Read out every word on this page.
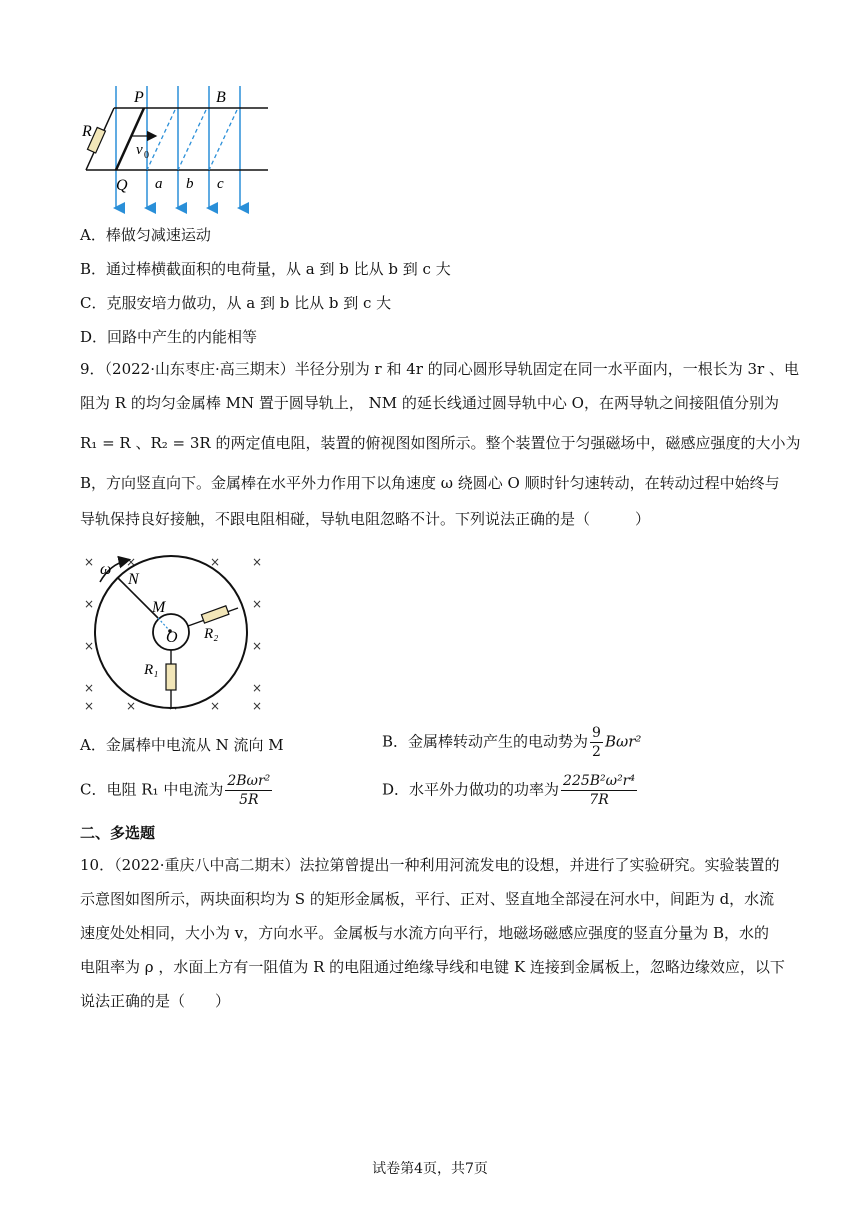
P	B
R
v 0
Q a b c
A．棒做匀减速运动
B．通过棒横截面积的电荷量，从 a 到 b 比从 b 到 c 大
C．克服安培力做功，从 a 到 b 比从 b 到 c 大
D．回路中产生的内能相等
9．（2022·山东枣庄·高三期末）半径分别为 r 和 4r 的同心圆形导轨固定在同一水平面内，一根长为 3r 、电
阻为 R 的均匀金属棒 MN 置于圆导轨上， NM 的延长线通过圆导轨中心 O，在两导轨之间接阻值分别为
R₁ = R 、R₂ = 3R 的两定值电阻，装置的俯视图如图所示。整个装置位于匀强磁场中，磁感应强度的大小为
B，方向竖直向下。金属棒在水平外力作用下以角速度 ω 绕圆心 O 顺时针匀速转动，在转动过程中始终与
导轨保持良好接触，不跟电阻相碰，导轨电阻忽略不计。下列说法正确的是（　　　）
×	×	×	×
×	×
×	×
×	×
×	×	×	×
ω
N
M
O R₂
R₁
A．金属棒中电流从 N 流向 M	B．金属棒转动产生的电动势为 $\frac{9}{2} B\omega r^2$
C．电阻 R₁ 中电流为 $\frac{\text{2Bωr²}}{5R}$	D．水平外力做功的功率为 $\frac{\text{225B²ω²r⁴}}{7R}$
二、多选题
10．（2022·重庆八中高二期末）法拉第曾提出一种利用河流发电的设想，并进行了实验研究。实验装置的
示意图如图所示，两块面积均为 S 的矩形金属板，平行、正对、竖直地全部浸在河水中，间距为 d，水流
速度处处相同，大小为 v，方向水平。金属板与水流方向平行，地磁场磁感应强度的竖直分量为 B，水的
电阻率为 ρ ，水面上方有一阻值为 R 的电阻通过绝缘导线和电键 K 连接到金属板上，忽略边缘效应，以下
说法正确的是（　　）
试卷第4页，共7页
